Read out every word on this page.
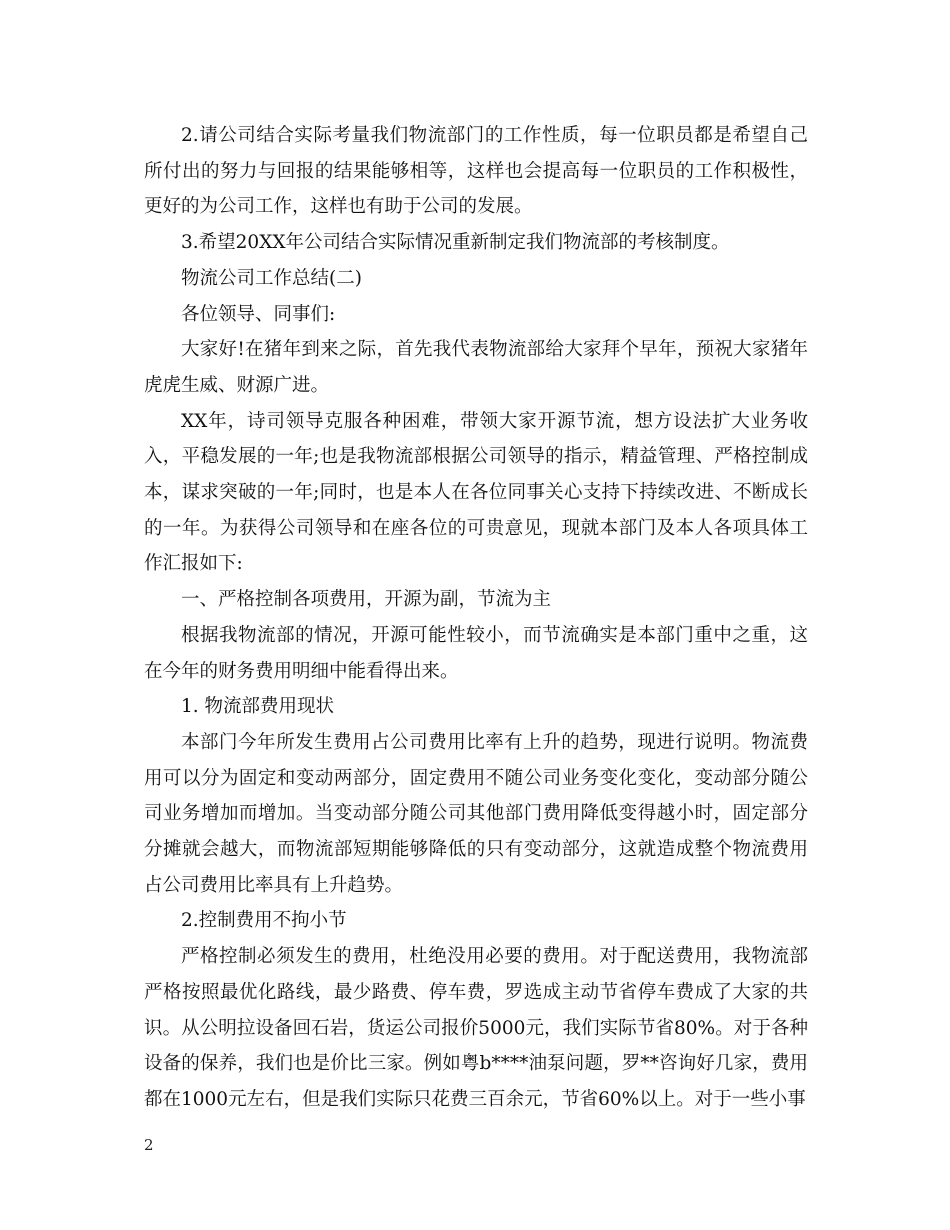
2.请公司结合实际考量我们物流部门的工作性质，每一位职员都是希望自己所付出的努力与回报的结果能够相等，这样也会提高每一位职员的工作积极性，更好的为公司工作，这样也有助于公司的发展。

3.希望20XX年公司结合实际情况重新制定我们物流部的考核制度。

物流公司工作总结(二)

各位领导、同事们:

大家好!在猪年到来之际，首先我代表物流部给大家拜个早年，预祝大家猪年虎虎生威、财源广进。

XX年，诗司领导克服各种困难，带领大家开源节流，想方设法扩大业务收入，平稳发展的一年;也是我物流部根据公司领导的指示，精益管理、严格控制成本，谋求突破的一年;同时，也是本人在各位同事关心支持下持续改进、不断成长的一年。为获得公司领导和在座各位的可贵意见，现就本部门及本人各项具体工作汇报如下:

一、严格控制各项费用，开源为副，节流为主

根据我物流部的情况，开源可能性较小，而节流确实是本部门重中之重，这在今年的财务费用明细中能看得出来。

1. 物流部费用现状

本部门今年所发生费用占公司费用比率有上升的趋势，现进行说明。物流费用可以分为固定和变动两部分，固定费用不随公司业务变化变化，变动部分随公司业务增加而增加。当变动部分随公司其他部门费用降低变得越小时，固定部分分摊就会越大，而物流部短期能够降低的只有变动部分，这就造成整个物流费用占公司费用比率具有上升趋势。

2.控制费用不拘小节

严格控制必须发生的费用，杜绝没用必要的费用。对于配送费用，我物流部严格按照最优化路线，最少路费、停车费，罗选成主动节省停车费成了大家的共识。从公明拉设备回石岩，货运公司报价5000元，我们实际节省80%。对于各种设备的保养，我们也是价比三家。例如粤b****油泵问题，罗**咨询好几家，费用都在1000元左右，但是我们实际只花费三百余元，节省60%以上。对于一些小事

2
